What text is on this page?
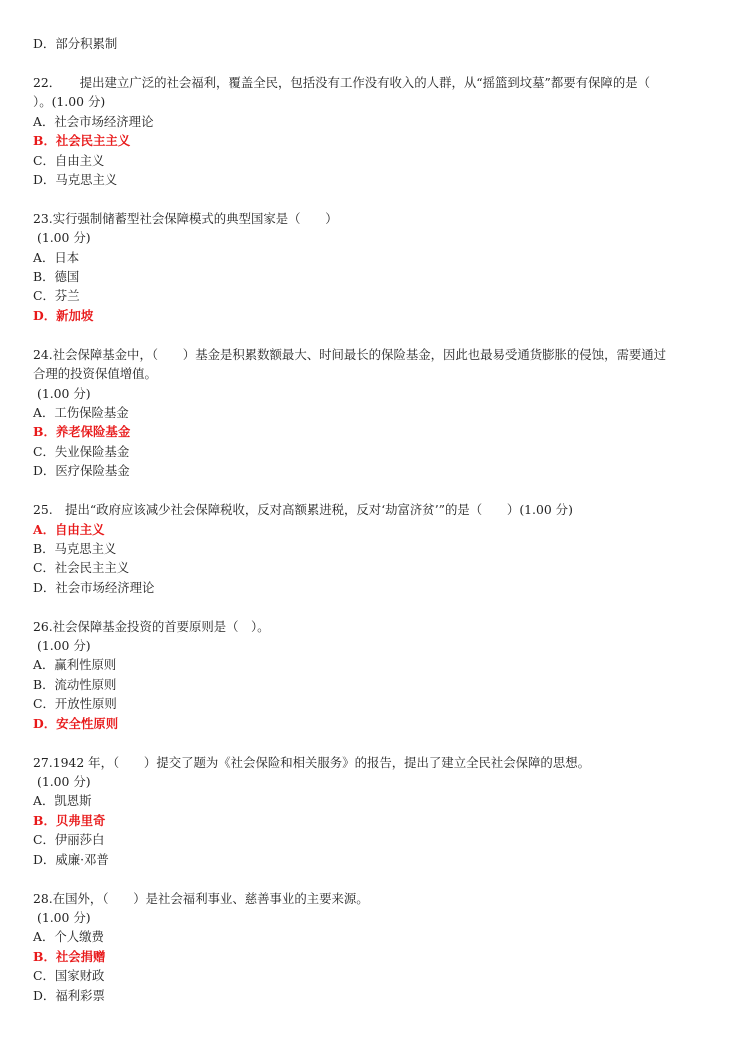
D．部分积累制
22．　　提出建立广泛的社会福利，覆盖全民，包括没有工作没有收入的人群，从“摇篮到坟墓”都要有保障的是（
）。(1.00 分)
A．社会市场经济理论
B．社会民主主义
C．自由主义
D．马克思主义
23.实行强制储蓄型社会保障模式的典型国家是（　　）
(1.00 分)
A．日本
B．德国
C．芬兰
D．新加坡
24.社会保障基金中，（　　）基金是积累数额最大、时间最长的保险基金，因此也最易受通货膨胀的侵蚀，需要通过
合理的投资保值增值。
(1.00 分)
A．工伤保险基金
B．养老保险基金
C．失业保险基金
D．医疗保险基金
25.　提出“政府应该减少社会保障税收，反对高额累进税，反对‘劫富济贫’”的是（　　）(1.00 分)
A．自由主义
B．马克思主义
C．社会民主主义
D．社会市场经济理论
26.社会保障基金投资的首要原则是（　）。
(1.00 分)
A．赢利性原则
B．流动性原则
C．开放性原则
D．安全性原则
27.1942 年，（　　）提交了题为《社会保险和相关服务》的报告，提出了建立全民社会保障的思想。
(1.00 分)
A．凯恩斯
B．贝弗里奇
C．伊丽莎白
D．威廉·邓普
28.在国外，（　　）是社会福利事业、慈善事业的主要来源。
(1.00 分)
A．个人缴费
B．社会捐赠
C．国家财政
D．福利彩票
